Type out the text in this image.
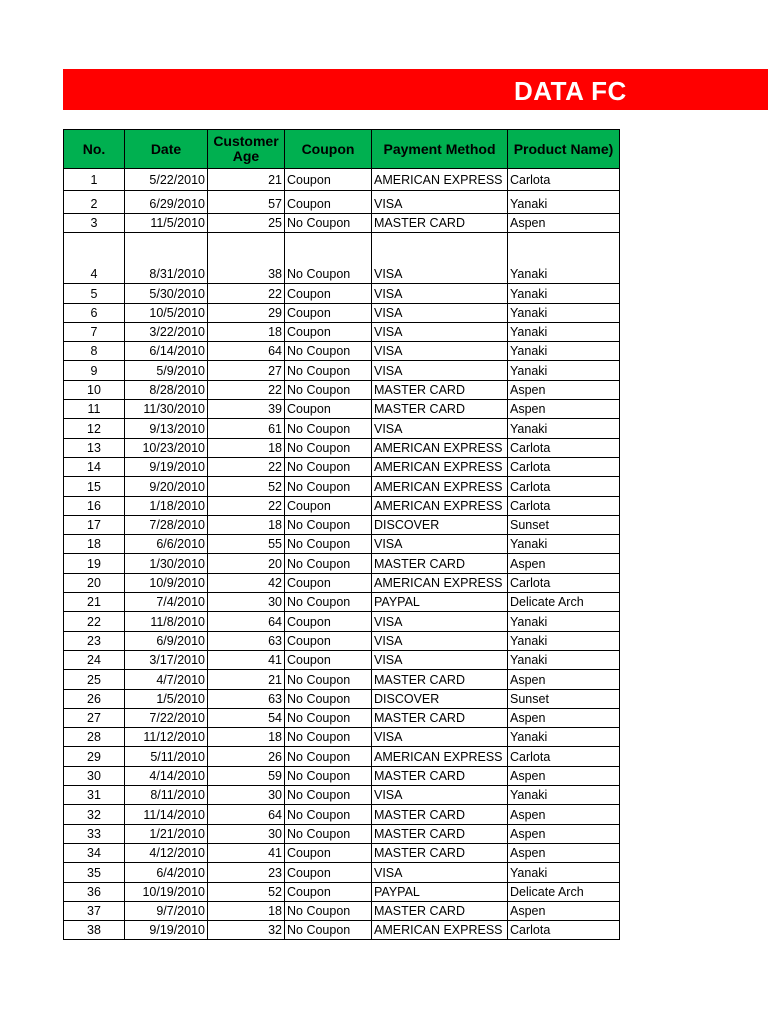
DATA FC
No.	Date	Customer Age	Coupon	Payment Method	Product Name)
1	5/22/2010	21	Coupon	AMERICAN EXPRESS	Carlota
2	6/29/2010	57	Coupon	VISA	Yanaki
3	11/5/2010	25	No Coupon	MASTER CARD	Aspen
4	8/31/2010	38	No Coupon	VISA	Yanaki
5	5/30/2010	22	Coupon	VISA	Yanaki
6	10/5/2010	29	Coupon	VISA	Yanaki
7	3/22/2010	18	Coupon	VISA	Yanaki
8	6/14/2010	64	No Coupon	VISA	Yanaki
9	5/9/2010	27	No Coupon	VISA	Yanaki
10	8/28/2010	22	No Coupon	MASTER CARD	Aspen
11	11/30/2010	39	Coupon	MASTER CARD	Aspen
12	9/13/2010	61	No Coupon	VISA	Yanaki
13	10/23/2010	18	No Coupon	AMERICAN EXPRESS	Carlota
14	9/19/2010	22	No Coupon	AMERICAN EXPRESS	Carlota
15	9/20/2010	52	No Coupon	AMERICAN EXPRESS	Carlota
16	1/18/2010	22	Coupon	AMERICAN EXPRESS	Carlota
17	7/28/2010	18	No Coupon	DISCOVER	Sunset
18	6/6/2010	55	No Coupon	VISA	Yanaki
19	1/30/2010	20	No Coupon	MASTER CARD	Aspen
20	10/9/2010	42	Coupon	AMERICAN EXPRESS	Carlota
21	7/4/2010	30	No Coupon	PAYPAL	Delicate Arch
22	11/8/2010	64	Coupon	VISA	Yanaki
23	6/9/2010	63	Coupon	VISA	Yanaki
24	3/17/2010	41	Coupon	VISA	Yanaki
25	4/7/2010	21	No Coupon	MASTER CARD	Aspen
26	1/5/2010	63	No Coupon	DISCOVER	Sunset
27	7/22/2010	54	No Coupon	MASTER CARD	Aspen
28	11/12/2010	18	No Coupon	VISA	Yanaki
29	5/11/2010	26	No Coupon	AMERICAN EXPRESS	Carlota
30	4/14/2010	59	No Coupon	MASTER CARD	Aspen
31	8/11/2010	30	No Coupon	VISA	Yanaki
32	11/14/2010	64	No Coupon	MASTER CARD	Aspen
33	1/21/2010	30	No Coupon	MASTER CARD	Aspen
34	4/12/2010	41	Coupon	MASTER CARD	Aspen
35	6/4/2010	23	Coupon	VISA	Yanaki
36	10/19/2010	52	Coupon	PAYPAL	Delicate Arch
37	9/7/2010	18	No Coupon	MASTER CARD	Aspen
38	9/19/2010	32	No Coupon	AMERICAN EXPRESS	Carlota
